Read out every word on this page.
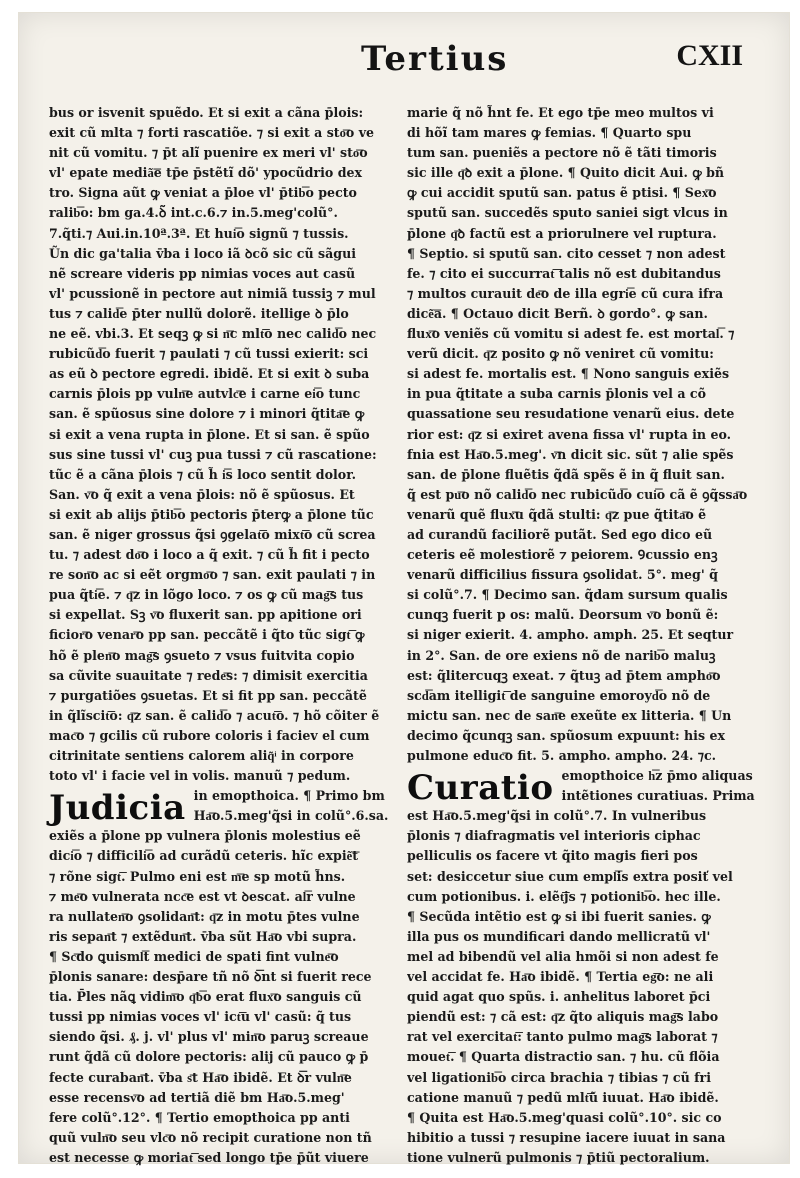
Tertius	CXII
bus or isvenit spuẽdo. Et si exit a cãna p̄lois:
exit cũ mlta ⁊ forti rascatiõe. ⁊ si exit a sto͞o ve
nit cũ vomitu. ⁊ p̄t alĩ puenire ex meri vl' sto͞o
vl' epate mediã͞e tp̄e p̄stẽtĩ dõ' ypocũdrio dex
tro. Signa aũt ꝙ veniat a p̄loe vl' p̄tib͞o pecto
ralib͞o: bm ga.4.ꝺ̃ int.c.6.⁊ in.5.meg'colũ°.
7.q̃ti.⁊ Aui.in.10ª.3ª. Et hui͞o signũ ⁊ tussis.
Ũn dic ga'talia v̄ba i loco iã ꝺcõ sic cũ sãgui
nẽ screare videris pp nimias voces aut casũ
vl' pcussionẽ in pectore aut nimiã tussiꝫ ⁊ mul
tus ⁊ calid͞e p̄ter nullũ dolorẽ. itellige ꝺ p̄lo
ne eẽ. vbi.3. Et seqꝫ ꝙ si n͞c mlt͞o nec calid͞o nec
rubicũd͞o fuerit ⁊ paulati ⁊ cũ tussi exierit: sci
as eũ ꝺ pectore egredi. ibidẽ. Et si exit ꝺ suba
carnis p̄lois pp vuln͞e autvlc͞e i carne ei͞o tunc
san. ẽ spũosus sine dolore ⁊ i minori q̃tita͞e ꝙ
si exit a vena rupta in p̄lone. Et si san. ẽ spũo
sus sine tussi vl' cuꝫ pua tussi ⁊ cũ rascatione:
tũc ẽ a cãna p̄lois ⁊ cũ h̃ i͞s loco sentit dolor.
San. v͞o q̃ exit a vena p̄lois: nõ ẽ spũosus. Et
si exit ab alijs p̄tib͞o pectoris p̄terꝙ a p̄lone tũc
san. ẽ niger grossus q̃si ꝯgelat͞o mixt͞o cũ screa
tu. ⁊ adest do͞o i loco a q̃ exit. ⁊ cũ h̃ fit i pecto
re son͞o ac si eẽt orgmo͞o ⁊ san. exit paulati ⁊ in
pua q̃ti͞e. ⁊ q͞z in lõgo loco. ⁊ os ꝙ cũ mag͞s tus
si expellat. Sꝫ v͞o fluxerit san. pp apitione ori
ficior͞o venar͞o pp san. peccãtẽ i q̃to tũc sigt͞ ꝙ
hõ ẽ plen͞o mag͞s ꝯsueto ⁊ vsus fuitvita copio
sa cũvite suauitate ⁊ rede͞s: ⁊ dimisit exercitia
⁊ purgatiões ꝯsuetas. Et si fit pp san. peccãtẽ
in q̃lĩscit͞o: q͞z san. ẽ calid͞o ⁊ acut͞o. ⁊ hõ cõiter ẽ
mac͞o ⁊ gcilis cũ rubore coloris i faciev el cum
citrinitate sentiens calorem aliq̃ͥ in corpore
toto vl' i facie vel in volis. manuũ ⁊ pedum.
Judicia in emopthoica. ¶ Primo bm
Ha͞o.5.meg'q̃si in colũ°.6.sa.
exiẽs a p̄lone pp vulnera p̄lonis molestius eẽ
dici͞o ⁊ difficili͞o ad curãdũ ceteris. hĩc expiẽ͞t
⁊ rõne sigt͞. Pulmo eni est m͞e sp motũ h̃ns.
⁊ me͞o vulnerata ncc͞e est vt ꝺescat. al͞r vulne
ra nullaten͞o ꝯsolidan͞t: q͞z in motu p̄tes vulne
ris sepan͞t ⁊ extẽdun͞t. v̄ba sũt Ha͞o vbi supra.
¶ Sc͞do ꝗuisml͞t medici de spati fint vulne͞o
p̄lonis sanare: desp̄are tñ nõ ꝺ͞nt si fuerit rece
tia. P̄les nãꝗ vidim͞o q͞b͞o erat flux͞o sanguis cũ
tussi pp nimias voces vl' ict͞u vl' casũ: q̃ tus
siendo q̃si. ₰. j. vl' plus vl' min͞o paruꝫ screaue
runt q̃dã cũ dolore pectoris: alij cũ pauco ꝙ p̄
fecte curaban͞t. v̄ba s͞t Ha͞o ibidẽ. Et ꝺ͞r vuln͞e
esse recensv͞o ad tertiã diẽ bm Ha͞o.5.meg'
fere colũ°.12°. ¶ Tertio emopthoica pp anti
quũ vuln͞o seu vlc͞o nõ recipit curatione non tñ
est necesse ꝙ moriat͞ sed longo tp̄e p̄ũt viuere
marie q̃ nõ h̃nt fe. Et ego tp̄e meo multos vi
di hõĩ tam mares ꝙ femias. ¶ Quarto spu
tum san. pueniẽs a pectore nõ ẽ tãti timoris
sic ille q͞ꝺ exit a p̄lone. ¶ Quito dicit Aui. ꝙ bñ
ꝙ cui accidit sputũ san. patus ẽ ptisi. ¶ Sex͞o
sputũ san. succedẽs sputo saniei sigt vlcus in
p̄lone q͞ꝺ factũ est a priorulnere vel ruptura.
¶ Septio. si sputũ san. cito cesset ⁊ non adest
fe. ⁊ cito ei succurrat͞ talis nõ est dubitandus
⁊ multos curauit de͞o de illa egri͞e cũ cura ifra
dicẽ͞a. ¶ Octauo dicit Berñ. ꝺ gordo°. ꝙ san.
flux͞o veniẽs cũ vomitu si adest fe. est mortal͞. ⁊
verũ dicit. q͞z posito ꝙ nõ veniret cũ vomitu:
si adest fe. mortalis est. ¶ Nono sanguis exiẽs
in pua q̃titate a suba carnis p̄lonis vel a cõ
quassatione seu resudatione venarũ eius. dete
rior est: q͞z si exiret avena fissa vl' rupta in eo.
fnia est Ha͞o.5.meg'. v͞n dicit sic. sũt ⁊ alie spẽs
san. de p̄lone fluẽtis q̃dã spẽs ẽ in q̃ fluit san.
q̃ est pu͞o nõ calid͞o nec rubicũd͞o cui͞o cã ẽ ꝯq̃ssa͞o
venarũ quẽ flux͞u q̃dã stulti: q͞z pue q̃tita͞o ẽ
ad curandũ faciliorẽ putãt. Sed ego dico eũ
ceteris eẽ molestiorẽ ⁊ peiorem. Ꝯcussio enꝫ
venarũ difficilius fissura ꝯsolidat. 5°. meg' q̃
si colũ°.7. ¶ Decimo san. q̃dam sursum qualis
cunqꝫ fuerit p os: malũ. Deorsum v͞o bonũ ẽ:
si niger exierit. 4. ampho. amph. 25. Et seqtur
in 2°. San. de ore exiens nõ de narib͞o maluꝫ
est: q̃litercuqꝫ exeat. ⁊ q̃tuꝫ ad p̄tem ampho͞o
scd͞am itelligit͞ de sanguine emoroyd͞o nõ de
mictu san. nec de san͞e exeũte ex litteria. ¶ Un
decimo q̃cunqꝫ san. spũosum expuunt: his ex
pulmone educ͞o fit. 5. ampho. ampho. 24. ⁊c.
Curatio emopthoice h͞z p̄mo aliquas
intẽtiones curatiuas. Prima
est Ha͞o.5.meg'q̃si in colũ°.7. In vulneribus
p̄lonis ⁊ diafragmatis vel interioris ciphac
pelliculis os facere vt q̃ito magis fieri pos
set: desiccetur siue cum empl͞is extra posiť vel
cum potionibus. i. elẽt͞js ⁊ potionib͞o. hec ille.
¶ Secũda intẽtio est ꝙ si ibi fuerit sanies. ꝙ
illa pus os mundificari dando mellicratũ vl'
mel ad bibendũ vel alia hmõi si non adest fe
vel accidat fe. Ha͞o ibidẽ. ¶ Tertia eg͞o: ne ali
quid agat quo spũs. i. anhelitus laboret p̄ci
piendũ est: ⁊ cã est: q͞z q̃to aliquis mag͞s labo
rat vel exercitat͞: tanto pulmo mag͞s laborat ⁊
mouet͞. ¶ Quarta distractio san. ⁊ hu. cũ flõia
vel ligationib͞o circa brachia ⁊ tibias ⁊ cũ fri
catione manuũ ⁊ pedũ mlt͞ũ iuuat. Ha͞o ibidẽ.
¶ Quita est Ha͞o.5.meg'quasi colũ°.10°. sic co
hibitio a tussi ⁊ resupine iacere iuuat in sana
tione vulnerũ pulmonis ⁊ p̄tiũ pectoralium.
